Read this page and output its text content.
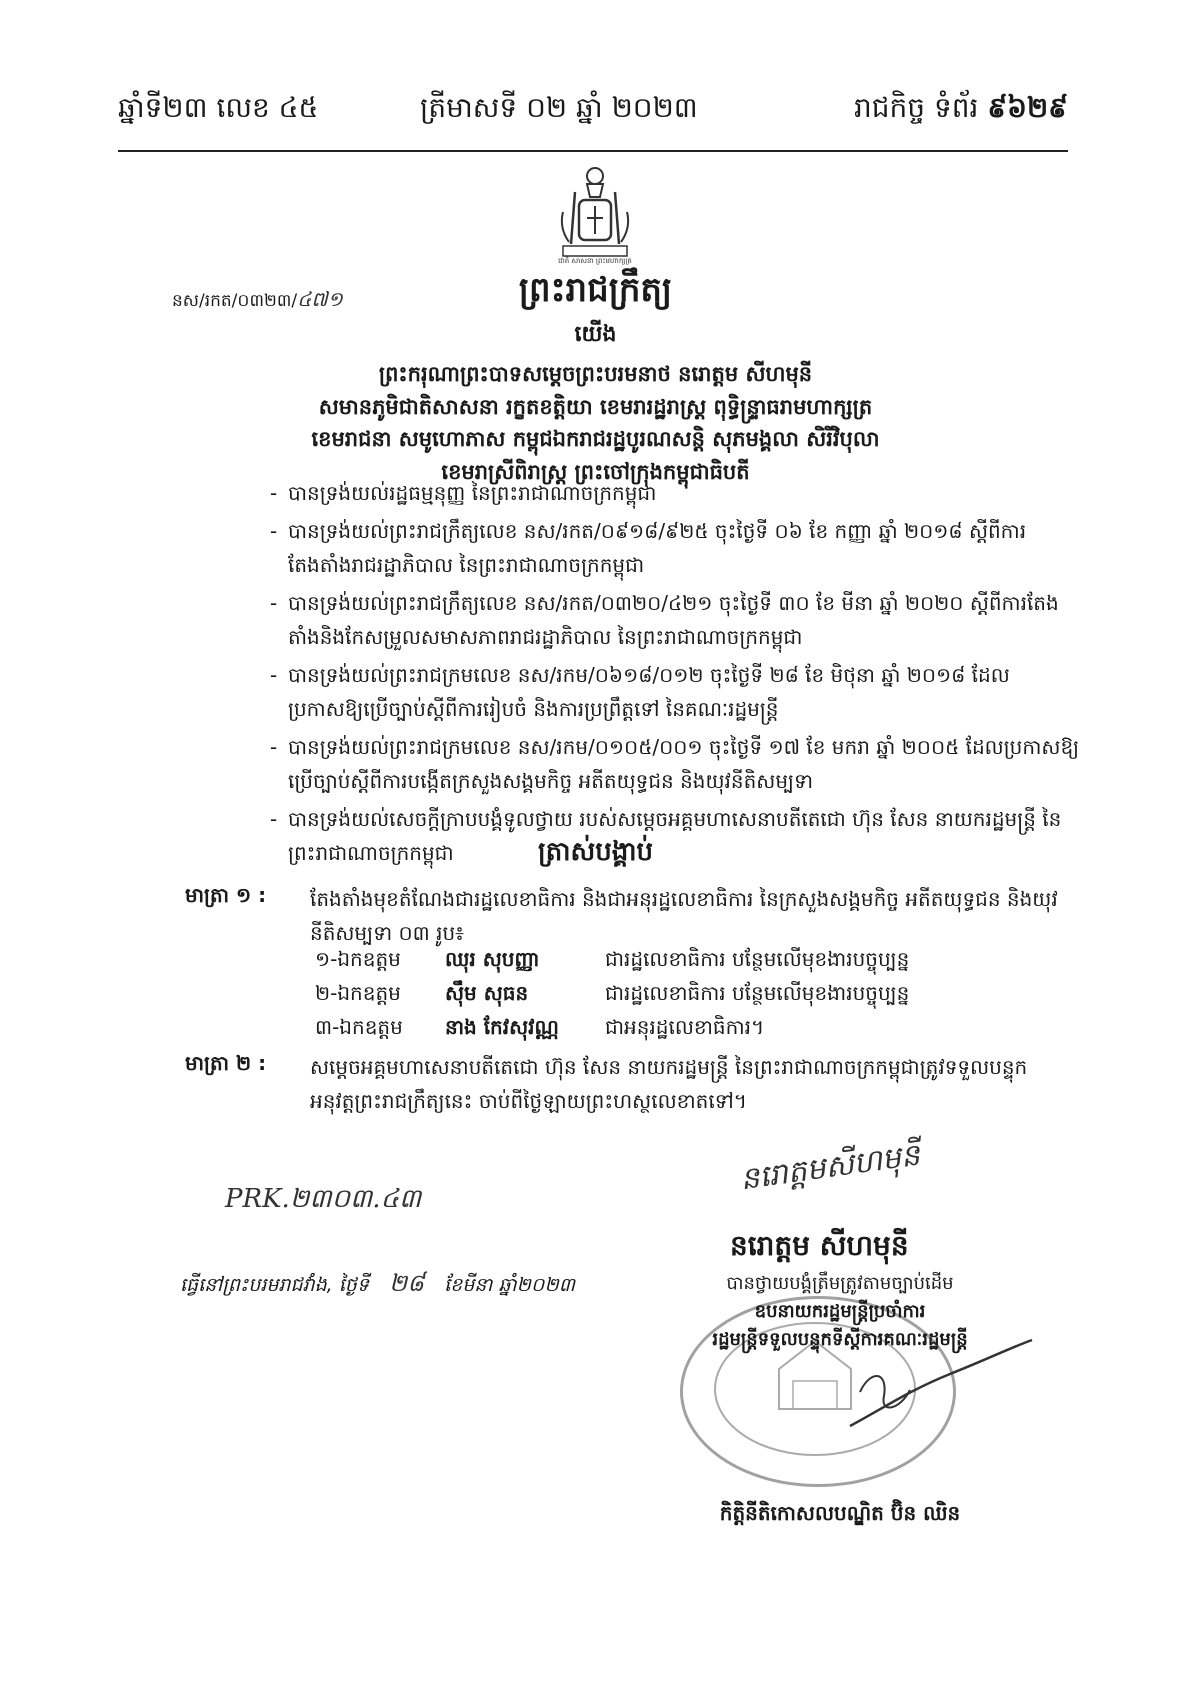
ឆ្នាំទី២៣ លេខ ៤៥	ត្រីមាសទី ០២ ឆ្នាំ ២០២៣	រាជកិច្ច ទំព័រ ៩៦២៩
ជាតិ សាសនា ព្រះមហាក្សត្រ
ព្រះរាជក្រឹត្យ
នស/រកត/០៣២៣/៤៧១
យើង
ព្រះករុណាព្រះបាទសម្តេចព្រះបរមនាថ នរោត្តម សីហមុនី
សមានភូមិជាតិសាសនា រក្ខតខត្តិយា ខេមរារដ្ឋរាស្ត្រ ពុទ្ធិន្ទ្រាធរាមហាក្សត្រ
ខេមរាជនា សមូហោភាស កម្ពុជឯករាជរដ្ឋបូរណសន្តិ សុភមង្គលា សិរីវិបុលា
ខេមរាស្រីពិរាស្ត្រ ព្រះចៅក្រុងកម្ពុជាធិបតី
- បានទ្រង់យល់រដ្ឋធម្មនុញ្ញ នៃព្រះរាជាណាចក្រកម្ពុជា
- បានទ្រង់យល់ព្រះរាជក្រឹត្យលេខ នស/រកត/០៩១៨/៩២៥ ចុះថ្ងៃទី ០៦ ខែ កញ្ញា ឆ្នាំ ២០១៨ ស្តីពីការតែងតាំងរាជរដ្ឋាភិបាល នៃព្រះរាជាណាចក្រកម្ពុជា
- បានទ្រង់យល់ព្រះរាជក្រឹត្យលេខ នស/រកត/០៣២០/៤២១ ចុះថ្ងៃទី ៣០ ខែ មីនា ឆ្នាំ ២០២០ ស្តីពីការតែងតាំងនិងកែសម្រួលសមាសភាពរាជរដ្ឋាភិបាល នៃព្រះរាជាណាចក្រកម្ពុជា
- បានទ្រង់យល់ព្រះរាជក្រមលេខ នស/រកម/០៦១៨/០១២ ចុះថ្ងៃទី ២៨ ខែ មិថុនា ឆ្នាំ ២០១៨ ដែលប្រកាសឱ្យប្រើច្បាប់ស្តីពីការរៀបចំ និងការប្រព្រឹត្តទៅ នៃគណៈរដ្ឋមន្ត្រី
- បានទ្រង់យល់ព្រះរាជក្រមលេខ នស/រកម/០១០៥/០០១ ចុះថ្ងៃទី ១៧ ខែ មករា ឆ្នាំ ២០០៥ ដែលប្រកាសឱ្យប្រើច្បាប់ស្តីពីការបង្កើតក្រសួងសង្គមកិច្ច អតីតយុទ្ធជន និងយុវនីតិសម្បទា
- បានទ្រង់យល់សេចក្តីក្រាបបង្គំទូលថ្វាយ របស់សម្តេចអគ្គមហាសេនាបតីតេជោ ហ៊ុន សែន នាយករដ្ឋមន្ត្រី នៃព្រះរាជាណាចក្រកម្ពុជា	ត្រាស់បង្គាប់
មាត្រា ១ : តែងតាំងមុខតំណែងជារដ្ឋលេខាធិការ និងជាអនុរដ្ឋលេខាធិការ នៃក្រសួងសង្គមកិច្ច អតីតយុទ្ធជន និងយុវនីតិសម្បទា ០៣ រូប៖
១-ឯកឧត្តម ឈុរ សុបញ្ញា	ជារដ្ឋលេខាធិការ បន្ថែមលើមុខងារបច្ចុប្បន្ន
២-ឯកឧត្តម ស៊ឹម សុធន	ជារដ្ឋលេខាធិការ បន្ថែមលើមុខងារបច្ចុប្បន្ន
៣-ឯកឧត្តម នាង កែវសុវណ្ណ ជាអនុរដ្ឋលេខាធិការ។
មាត្រា ២ : សម្តេចអគ្គមហាសេនាបតីតេជោ ហ៊ុន សែន នាយករដ្ឋមន្ត្រី នៃព្រះរាជាណាចក្រកម្ពុជាត្រូវទទួលបន្ទុកអនុវត្តព្រះរាជក្រឹត្យនេះ ចាប់ពីថ្ងៃឡាយព្រះហស្ថលេខាតទៅ។
PRK.២៣០៣.៤៣
ធ្វើនៅព្រះបរមរាជវាំង, ថ្ងៃទី ២៨ ខែមីនា ឆ្នាំ២០២៣
នរោត្តមសីហមុនី
នរោត្តម សីហមុនី
បានថ្វាយបង្គំត្រឹមត្រូវតាមច្បាប់ដើម
ឧបនាយករដ្ឋមន្ត្រីប្រចាំការ
រដ្ឋមន្ត្រីទទួលបន្ទុកទីស្តីការគណៈរដ្ឋមន្ត្រី
កិត្តិនីតិកោសលបណ្ឌិត ប៊ិន ឈិន
